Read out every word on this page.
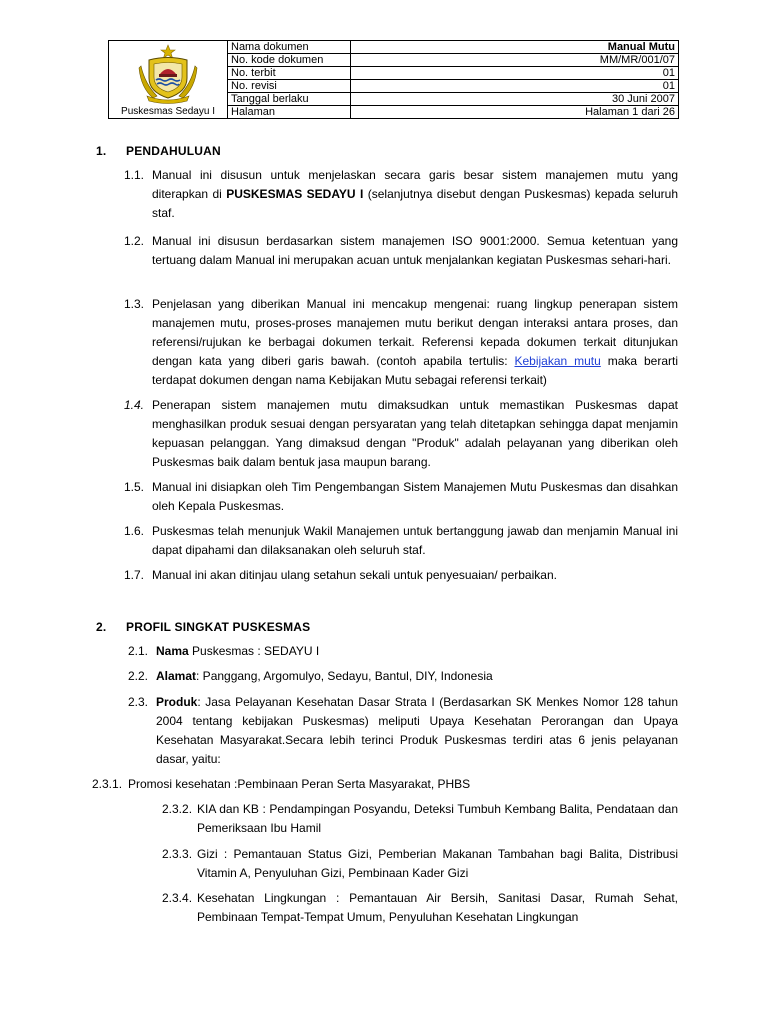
Puskesmas Sedayu I	Nama dokumen	Manual Mutu
	No. kode dokumen	MM/MR/001/07
	No. terbit	01
	No. revisi	01
	Tanggal berlaku	30 Juni 2007
	Halaman	Halaman 1 dari 26
1. PENDAHULUAN
1.1. Manual ini disusun untuk menjelaskan secara garis besar sistem manajemen mutu yang diterapkan di PUSKESMAS SEDAYU I (selanjutnya disebut dengan Puskesmas) kepada seluruh staf.
1.2. Manual ini disusun berdasarkan sistem manajemen ISO 9001:2000. Semua ketentuan yang tertuang dalam Manual ini merupakan acuan untuk menjalankan kegiatan Puskesmas sehari-hari.
1.3. Penjelasan yang diberikan Manual ini mencakup mengenai: ruang lingkup penerapan sistem manajemen mutu, proses-proses manajemen mutu berikut dengan interaksi antara proses, dan referensi/rujukan ke berbagai dokumen terkait. Referensi kepada dokumen terkait ditunjukan dengan kata yang diberi garis bawah. (contoh apabila tertulis: Kebijakan mutu maka berarti terdapat dokumen dengan nama Kebijakan Mutu sebagai referensi terkait)
1.4. Penerapan sistem manajemen mutu dimaksudkan untuk memastikan Puskesmas dapat menghasilkan produk sesuai dengan persyaratan yang telah ditetapkan sehingga dapat menjamin kepuasan pelanggan. Yang dimaksud dengan "Produk" adalah pelayanan yang diberikan oleh Puskesmas baik dalam bentuk jasa maupun barang.
1.5. Manual ini disiapkan oleh Tim Pengembangan Sistem Manajemen Mutu Puskesmas dan disahkan oleh Kepala Puskesmas.
1.6. Puskesmas telah menunjuk Wakil Manajemen untuk bertanggung jawab dan menjamin Manual ini dapat dipahami dan dilaksanakan oleh seluruh staf.
1.7. Manual ini akan ditinjau ulang setahun sekali untuk penyesuaian/ perbaikan.
2. PROFIL SINGKAT PUSKESMAS
2.1. Nama Puskesmas : SEDAYU I
2.2. Alamat: Panggang, Argomulyo, Sedayu, Bantul, DIY, Indonesia
2.3. Produk: Jasa Pelayanan Kesehatan Dasar Strata I (Berdasarkan SK Menkes Nomor 128 tahun 2004 tentang kebijakan Puskesmas) meliputi Upaya Kesehatan Perorangan dan Upaya Kesehatan Masyarakat.Secara lebih terinci Produk Puskesmas terdiri atas 6 jenis pelayanan dasar, yaitu:
2.3.1. Promosi kesehatan :Pembinaan Peran Serta Masyarakat, PHBS
2.3.2. KIA dan KB : Pendampingan Posyandu, Deteksi Tumbuh Kembang Balita, Pendataan dan Pemeriksaan Ibu Hamil
2.3.3. Gizi : Pemantauan Status Gizi, Pemberian Makanan Tambahan bagi Balita, Distribusi Vitamin A, Penyuluhan Gizi, Pembinaan Kader Gizi
2.3.4. Kesehatan Lingkungan : Pemantauan Air Bersih, Sanitasi Dasar, Rumah Sehat, Pembinaan Tempat-Tempat Umum, Penyuluhan Kesehatan Lingkungan
